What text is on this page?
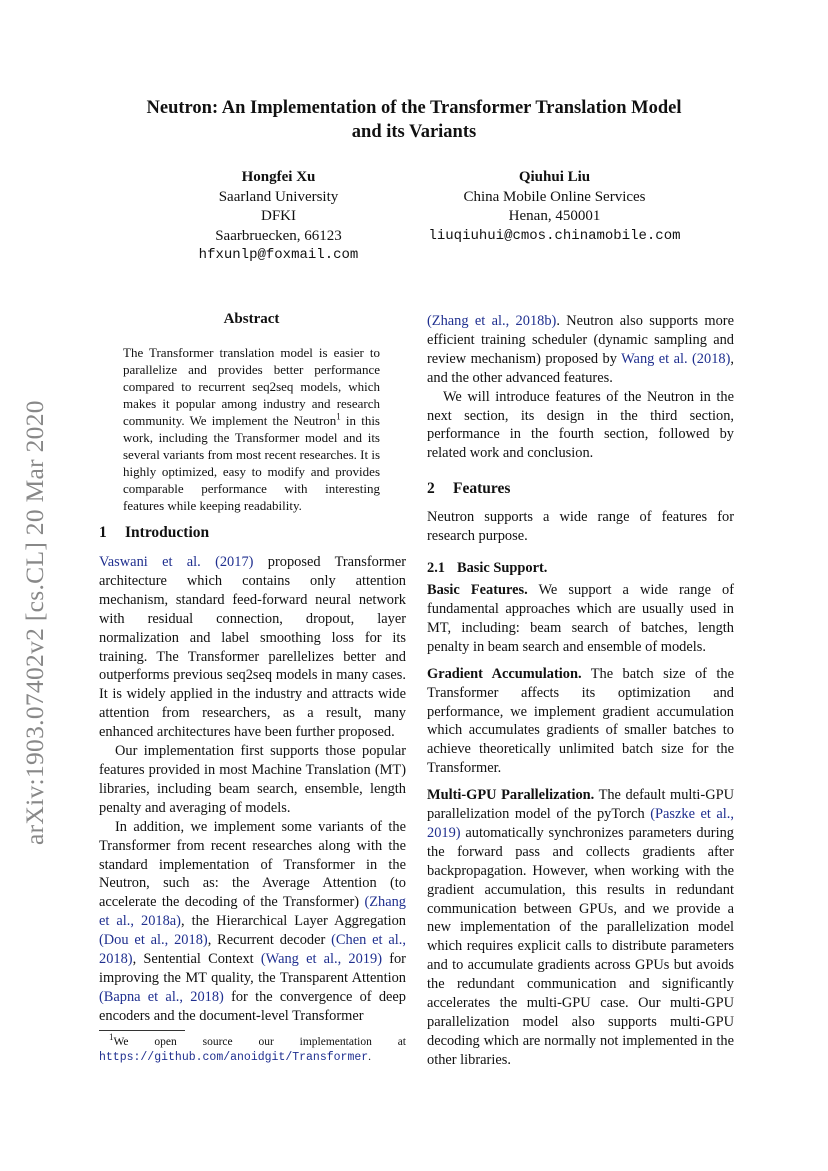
arXiv:1903.07402v2 [cs.CL] 20 Mar 2020
Neutron: An Implementation of the Transformer Translation Model
and its Variants
Hongfei Xu
Saarland University
DFKI
Saarbruecken, 66123
hfxunlp@foxmail.com
Qiuhui Liu
China Mobile Online Services
Henan, 450001
liuqiuhui@cmos.chinamobile.com
Abstract

The Transformer translation model is easier to parallelize and provides better performance compared to recurrent seq2seq models, which makes it popular among industry and research community. We implement the Neutron$^1$ in this work, including the Transformer model and its several variants from most recent researches. It is highly optimized, easy to modify and provides comparable performance with interesting features while keeping readability.

1 Introduction

Vaswani et al. (2017) proposed Transformer architecture which contains only attention mechanism, standard feed-forward neural network with residual connection, dropout, layer normalization and label smoothing loss for its training. The Transformer parellelizes better and outperforms previous seq2seq models in many cases. It is widely applied in the industry and attracts wide attention from researchers, as a result, many enhanced architectures have been further proposed.

Our implementation first supports those popular features provided in most Machine Translation (MT) libraries, including beam search, ensemble, length penalty and averaging of models.

In addition, we implement some variants of the Transformer from recent researches along with the standard implementation of Transformer in the Neutron, such as: the Average Attention (to accelerate the decoding of the Transformer) (Zhang et al., 2018a), the Hierarchical Layer Aggregation (Dou et al., 2018), Recurrent decoder (Chen et al., 2018), Sentential Context (Wang et al., 2019) for improving the MT quality, the Transparent Attention (Bapna et al., 2018) for the convergence of deep encoders and the document-level Transformer

$^1$We open source our implementation at https://github.com/anoidgit/Transformer.

(Zhang et al., 2018b). Neutron also supports more efficient training scheduler (dynamic sampling and review mechanism) proposed by Wang et al. (2018), and the other advanced features.

We will introduce features of the Neutron in the next section, its design in the third section, performance in the fourth section, followed by related work and conclusion.

2 Features

Neutron supports a wide range of features for research purpose.

2.1 Basic Support.

Basic Features. We support a wide range of fundamental approaches which are usually used in MT, including: beam search of batches, length penalty in beam search and ensemble of models.

Gradient Accumulation. The batch size of the Transformer affects its optimization and performance, we implement gradient accumulation which accumulates gradients of smaller batches to achieve theoretically unlimited batch size for the Transformer.

Multi-GPU Parallelization. The default multi-GPU parallelization model of the pyTorch (Paszke et al., 2019) automatically synchronizes parameters during the forward pass and collects gradients after backpropagation. However, when working with the gradient accumulation, this results in redundant communication between GPUs, and we provide a new implementation of the parallelization model which requires explicit calls to distribute parameters and to accumulate gradients across GPUs but avoids the redundant communication and significantly accelerates the multi-GPU case. Our multi-GPU parallelization model also supports multi-GPU decoding which are normally not implemented in the other libraries.
